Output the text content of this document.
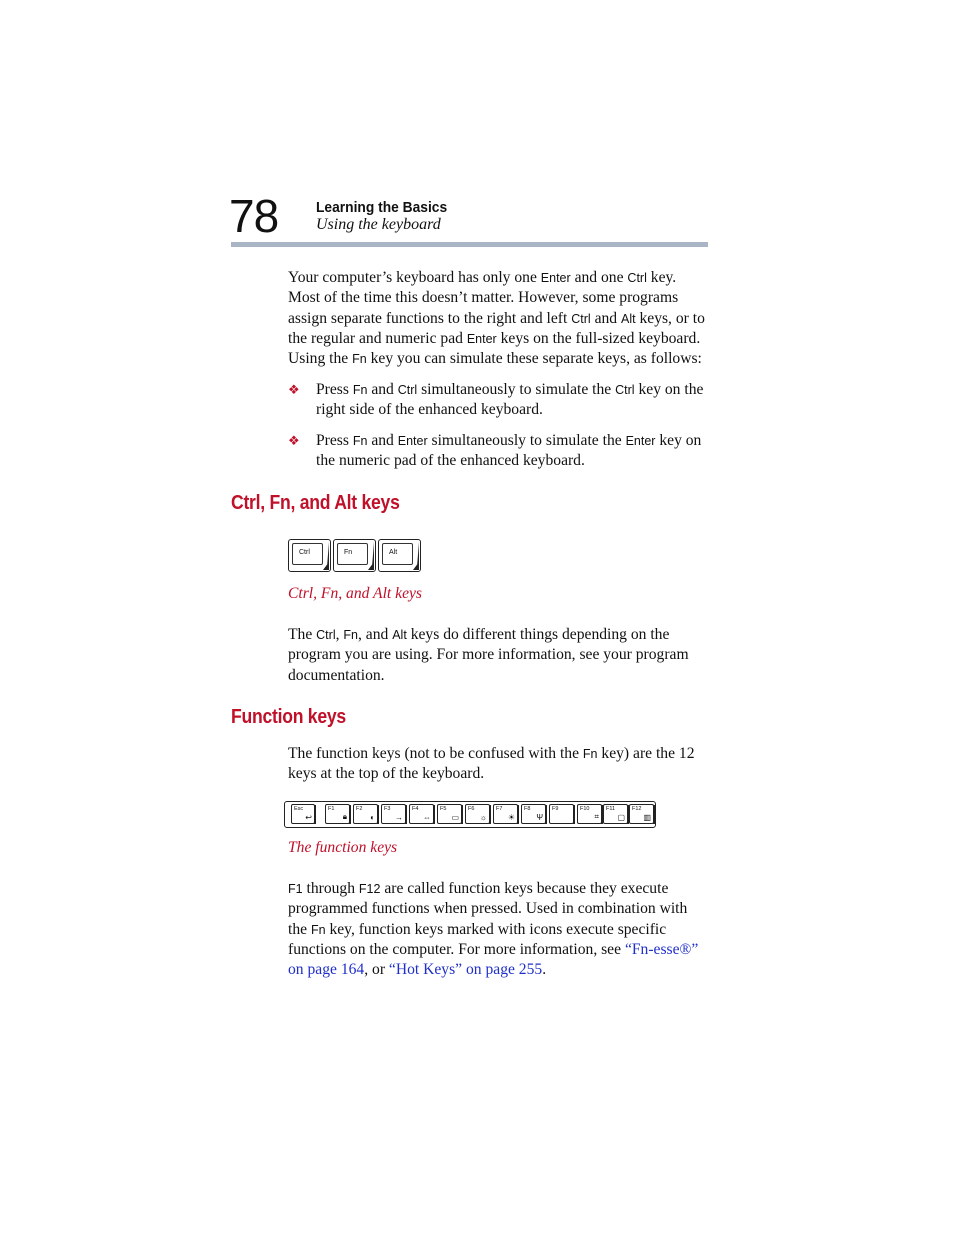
78	Learning the Basics
Using the keyboard

Your computer’s keyboard has only one Enter and one Ctrl key. Most of the time this doesn’t matter. However, some programs assign separate functions to the right and left Ctrl and Alt keys, or to the regular and numeric pad Enter keys on the full-sized keyboard. Using the Fn key you can simulate these separate keys, as follows:

❖ Press Fn and Ctrl simultaneously to simulate the Ctrl key on the right side of the enhanced keyboard.
❖ Press Fn and Enter simultaneously to simulate the Enter key on the numeric pad of the enhanced keyboard.
Ctrl, Fn, and Alt keys
Ctrl	Fn	Alt
Ctrl, Fn, and Alt keys

The Ctrl, Fn, and Alt keys do different things depending on the program you are using. For more information, see your program documentation.

Function keys

The function keys (not to be confused with the Fn key) are the 12 keys at the top of the keyboard.

Esc
↩
F1
🔒︎
F2
◐
F3
→
F4
⇔
F5
▭
F6
☼
F7
☀
F8
Ψ
F9	F10
⌗
F11
▢
F12
▥
The function keys

F1 through F12 are called function keys because they execute programmed functions when pressed. Used in combination with the Fn key, function keys marked with icons execute specific functions on the computer. For more information, see “Fn-esse®” on page 164, or “Hot Keys” on page 255.
